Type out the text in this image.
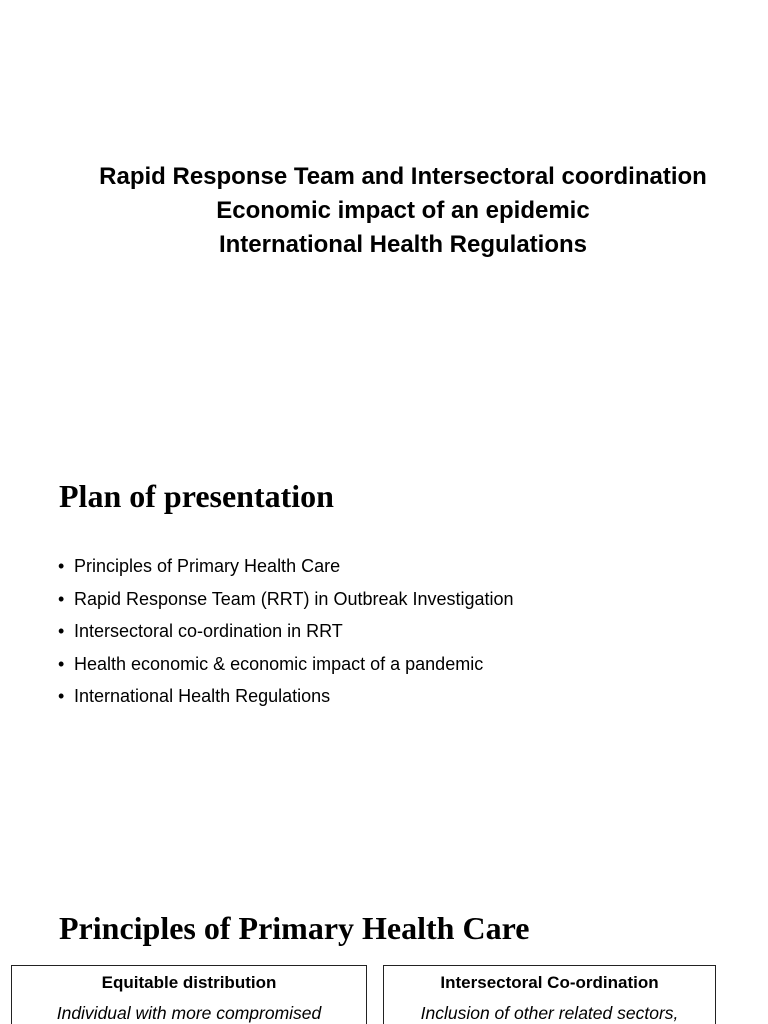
Rapid Response Team and Intersectoral coordination
Economic impact of an epidemic
International Health Regulations
Plan of presentation
• Principles of Primary Health Care
• Rapid Response Team (RRT) in Outbreak Investigation
• Intersectoral co-ordination in RRT
• Health economic & economic impact of a pandemic
• International Health Regulations
Principles of Primary Health Care
Equitable distribution
Individual with more compromised
Intersectoral Co-ordination
Inclusion of other related sectors,
